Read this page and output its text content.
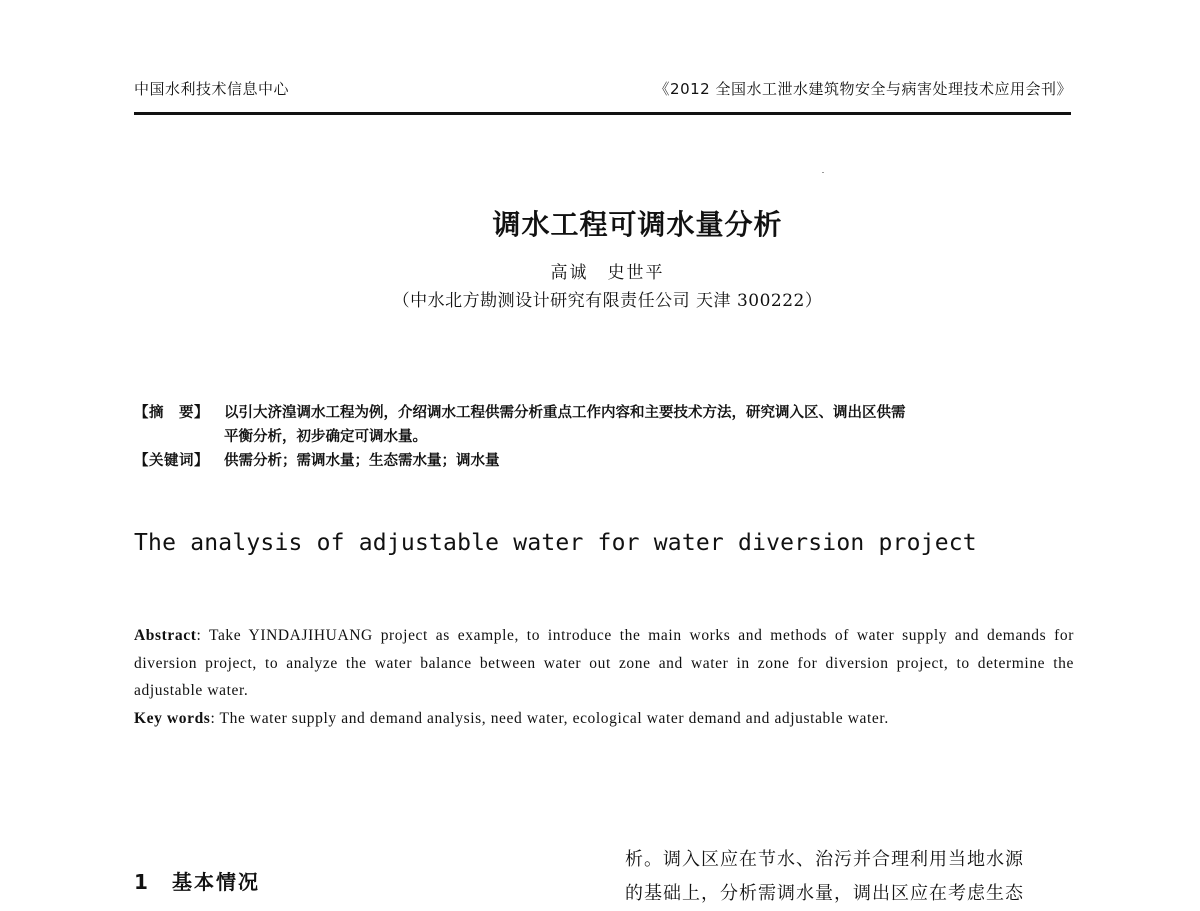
中国水利技术信息中心	《2012 全国水工泄水建筑物安全与病害处理技术应用会刊》
调水工程可调水量分析
高诚　史世平
（中水北方勘测设计研究有限责任公司 天津 300222）
【摘　要】 以引大济湟调水工程为例，介绍调水工程供需分析重点工作内容和主要技术方法，研究调入区、调出区供需
平衡分析，初步确定可调水量。
【关键词】 供需分析；需调水量；生态需水量；调水量
The analysis of adjustable water for water diversion project
Abstract: Take YINDAJIHUANG project as example, to introduce the main works and methods of water supply and demands for diversion project, to analyze the water balance between water out zone and water in zone for diversion project, to determine the adjustable water.
Key words: The water supply and demand analysis, need water, ecological water demand and adjustable water.
1 基本情况
析。调入区应在节水、治污并合理利用当地水源
的基础上，分析需调水量，调出区应在考虑生态
